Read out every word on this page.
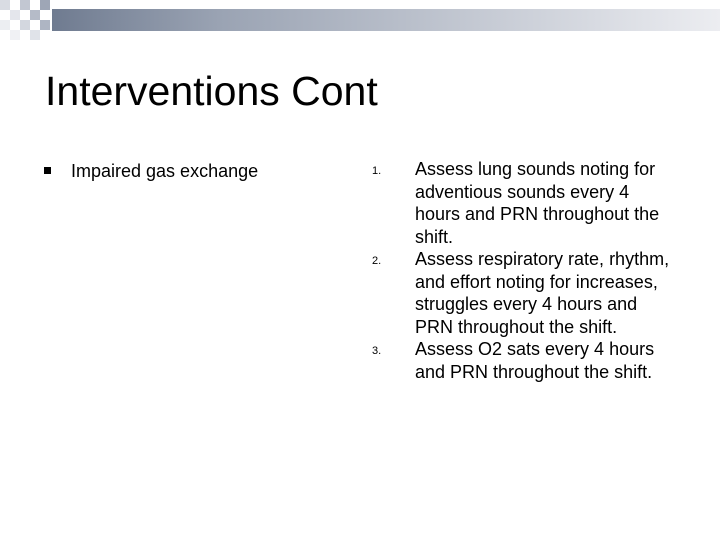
Interventions Cont
Impaired gas exchange	1. Assess lung sounds noting for adventious sounds every 4 hours and PRN throughout the shift.
2. Assess respiratory rate, rhythm, and effort noting for increases, struggles every 4 hours and PRN throughout the shift.
3. Assess O2 sats every 4 hours and PRN throughout the shift.
